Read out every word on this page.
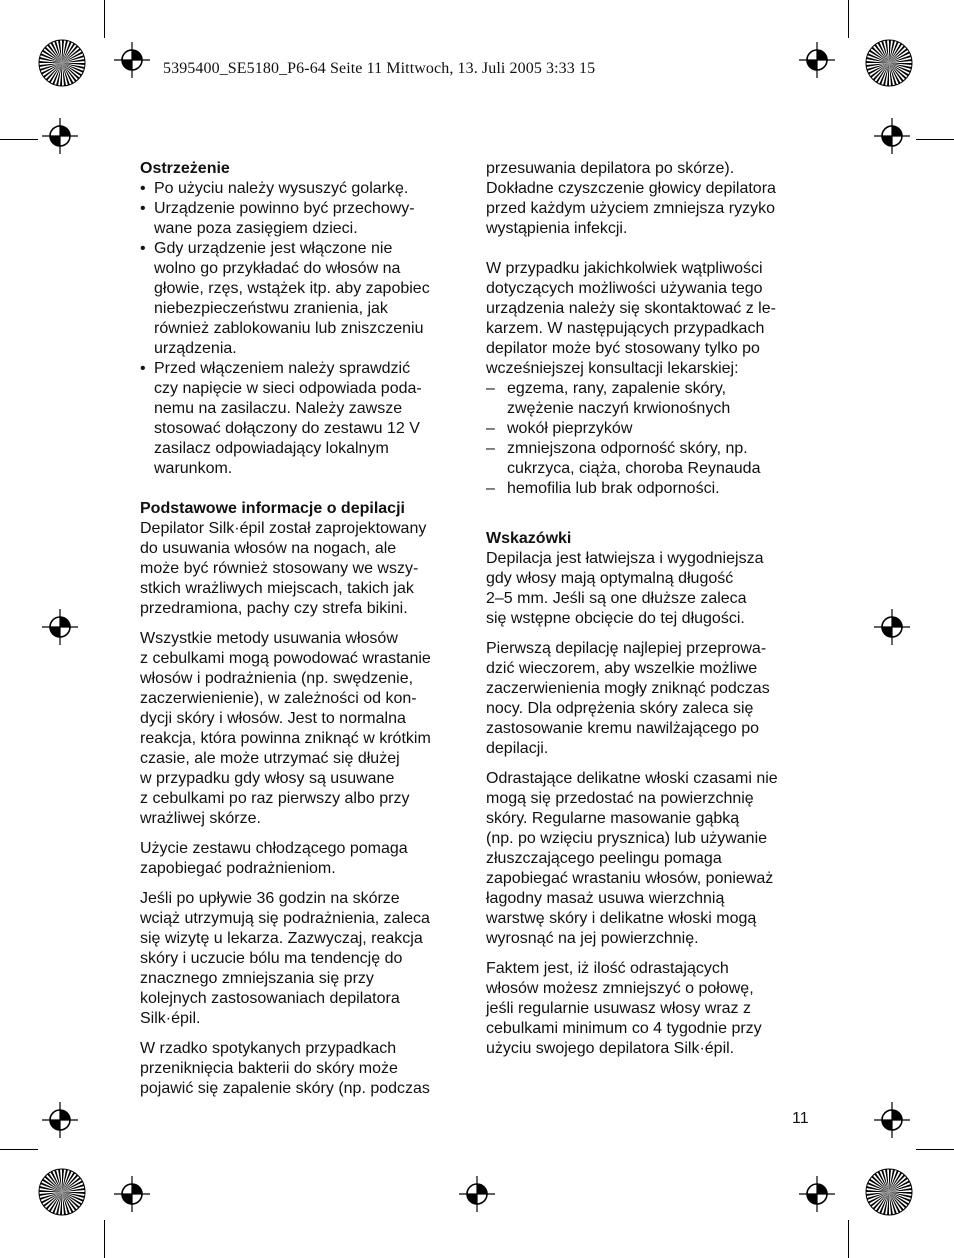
5395400_SE5180_P6-64 Seite 11 Mittwoch, 13. Juli 2005 3:33 15
Ostrzeżenie
• Po użyciu należy wysuszyć golarkę.
• Urządzenie powinno być przechowy-
wane poza zasięgiem dzieci.
• Gdy urządzenie jest włączone nie
wolno go przykładać do włosów na
głowie, rzęs, wstążek itp. aby zapobiec
niebezpieczeństwu zranienia, jak
również zablokowaniu lub zniszczeniu
urządzenia.
• Przed włączeniem należy sprawdzić
czy napięcie w sieci odpowiada poda-
nemu na zasilaczu. Należy zawsze
stosować dołączony do zestawu 12 V
zasilacz odpowiadający lokalnym
warunkom.
Podstawowe informacje o depilacji
Depilator Silk·épil został zaprojektowany
do usuwania włosów na nogach, ale
może być również stosowany we wszy-
stkich wrażliwych miejscach, takich jak
przedramiona, pachy czy strefa bikini.
Wszystkie metody usuwania włosów
z cebulkami mogą powodować wrastanie
włosów i podrażnienia (np. swędzenie,
zaczerwienienie), w zależności od kon-
dycji skóry i włosów. Jest to normalna
reakcja, która powinna zniknąć w krótkim
czasie, ale może utrzymać się dłużej
w przypadku gdy włosy są usuwane
z cebulkami po raz pierwszy albo przy
wrażliwej skórze.
Użycie zestawu chłodzącego pomaga
zapobiegać podrażnieniom.
Jeśli po upływie 36 godzin na skórze
wciąż utrzymują się podrażnienia, zaleca
się wizytę u lekarza. Zazwyczaj, reakcja
skóry i uczucie bólu ma tendencję do
znacznego zmniejszania się przy
kolejnych zastosowaniach depilatora
Silk·épil.
W rzadko spotykanych przypadkach
przeniknięcia bakterii do skóry może
pojawić się zapalenie skóry (np. podczas
przesuwania depilatora po skórze).
Dokładne czyszczenie głowicy depilatora
przed każdym użyciem zmniejsza ryzyko
wystąpienia infekcji.
W przypadku jakichkolwiek wątpliwości
dotyczących możliwości używania tego
urządzenia należy się skontaktować z le-
karzem. W następujących przypadkach
depilator może być stosowany tylko po
wcześniejszej konsultacji lekarskiej:
– egzema, rany, zapalenie skóry,
zwężenie naczyń krwionośnych
– wokół pieprzyków
– zmniejszona odporność skóry, np.
cukrzyca, ciąża, choroba Reynauda
– hemofilia lub brak odporności.
Wskazówki
Depilacja jest łatwiejsza i wygodniejsza
gdy włosy mają optymalną długość
2–5 mm. Jeśli są one dłuższe zaleca
się wstępne obcięcie do tej długości.
Pierwszą depilację najlepiej przeprowa-
dzić wieczorem, aby wszelkie możliwe
zaczerwienienia mogły zniknąć podczas
nocy. Dla odprężenia skóry zaleca się
zastosowanie kremu nawilżającego po
depilacji.
Odrastające delikatne włoski czasami nie
mogą się przedostać na powierzchnię
skóry. Regularne masowanie gąbką
(np. po wzięciu prysznica) lub używanie
złuszczającego peelingu pomaga
zapobiegać wrastaniu włosów, ponieważ
łagodny masaż usuwa wierzchnią
warstwę skóry i delikatne włoski mogą
wyrosnąć na jej powierzchnię.
Faktem jest, iż ilość odrastających
włosów możesz zmniejszyć o połowę,
jeśli regularnie usuwasz włosy wraz z
cebulkami minimum co 4 tygodnie przy
użyciu swojego depilatora Silk·épil.
11
